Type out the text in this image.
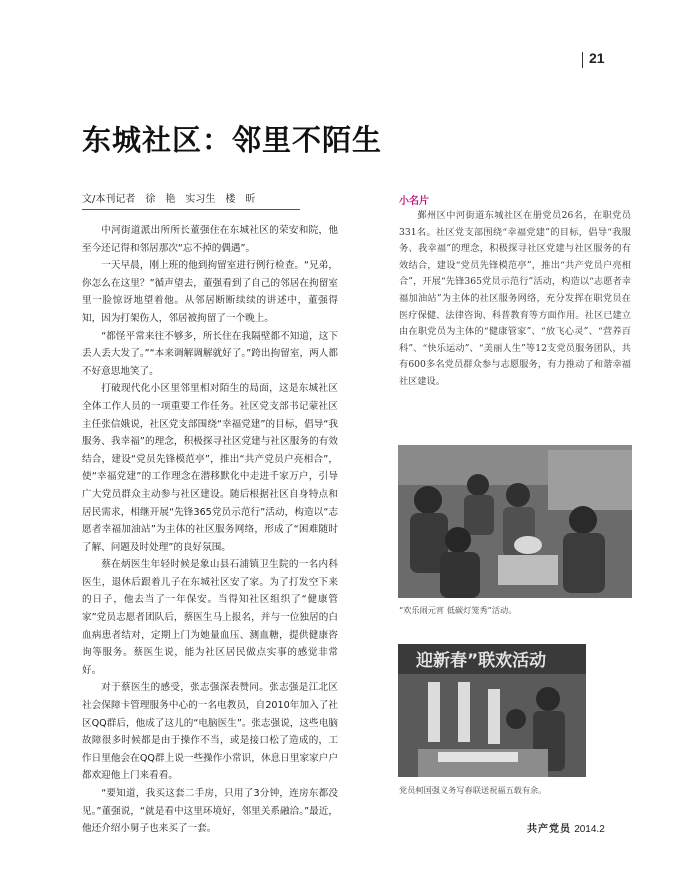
21
东城社区：邻里不陌生
文/本刊记者　徐　艳　实习生　楼　昕

中河街道派出所所长董强住在东城社区的荣安和院，他至今还记得和邻居那次“忘不掉的偶遇”。

一天早晨，刚上班的他到拘留室进行例行检查。“兄弟，你怎么在这里？”循声望去，董强看到了自己的邻居在拘留室里一脸惊讶地望着他。从邻居断断续续的讲述中，董强得知，因为打架伤人，邻居被拘留了一个晚上。

“都怪平常来往不够多，所长住在我隔壁都不知道，这下丢人丢大发了。”“本来调解调解就好了。”跨出拘留室，两人都不好意思地笑了。

打破现代化小区里邻里相对陌生的局面，这是东城社区全体工作人员的一项重要工作任务。社区党支部书记蒙社区主任张信娥说，社区党支部围绕“幸福党建”的目标，倡导“我服务、我幸福”的理念，积极探寻社区党建与社区服务的有效结合，建设“党员先锋模范亭”，推出“共产党员户亮相合”，使“幸福党建”的工作理念在潜移默化中走进千家万户，引导广大党员群众主动参与社区建设。随后根据社区自身特点和居民需求，相继开展“先锋365党员示范行”活动，构造以“志愿者幸福加油站”为主体的社区服务网络，形成了“困难随时了解、问题及时处理”的良好氛围。

蔡在炳医生年轻时候是象山县石浦镇卫生院的一名内科医生，退休后跟着儿子在东城社区安了家。为了打发空下来的日子，他去当了一年保安。当得知社区组织了“健康管家”党员志愿者团队后，蔡医生马上报名，并与一位独居的白血病患者结对，定期上门为她量血压、测血糖，提供健康咨询等服务。蔡医生说，能为社区居民做点实事的感觉非常好。

对于蔡医生的感受，张志强深表赞同。张志强是江北区社会保障卡管理服务中心的一名电教员，自2010年加入了社区QQ群后，他成了这儿的“电脑医生”。张志强说，这些电脑故障很多时候都是由于操作不当，或是接口松了造成的，工作日里他会在QQ群上说一些操作小常识，休息日里家家户户都欢迎他上门来看看。

“要知道，我买这套二手房，只用了3分钟，连房东都没见。”董强说，“就是看中这里环境好，邻里关系融洽。”最近，他还介绍小舅子也来买了一套。

小名片

鄞州区中河街道东城社区在册党员26名，在职党员331名。社区党支部围绕“幸福党建”的目标，倡导“我服务、我幸福”的理念，积极探寻社区党建与社区服务的有效结合，建设“党员先锋模范亭”，推出“共产党员户亮相合”，开展“先锋365党员示范行”活动，构造以“志愿者幸福加油站”为主体的社区服务网络，充分发挥在职党员在医疗保健、法律咨询、科普教育等方面作用。社区已建立由在职党员为主体的“健康管家”、“放飞心灵”、“营养百科”、“快乐运动”、“美丽人生”等12支党员服务团队，共有600多名党员群众参与志愿服务，有力推动了和谐幸福社区建设。

“欢乐闹元宵 低碳灯笼秀”活动。
迎新春”联欢活动
党员柯国强义务写春联送祝福五载有余。
共产党员 2014.2
